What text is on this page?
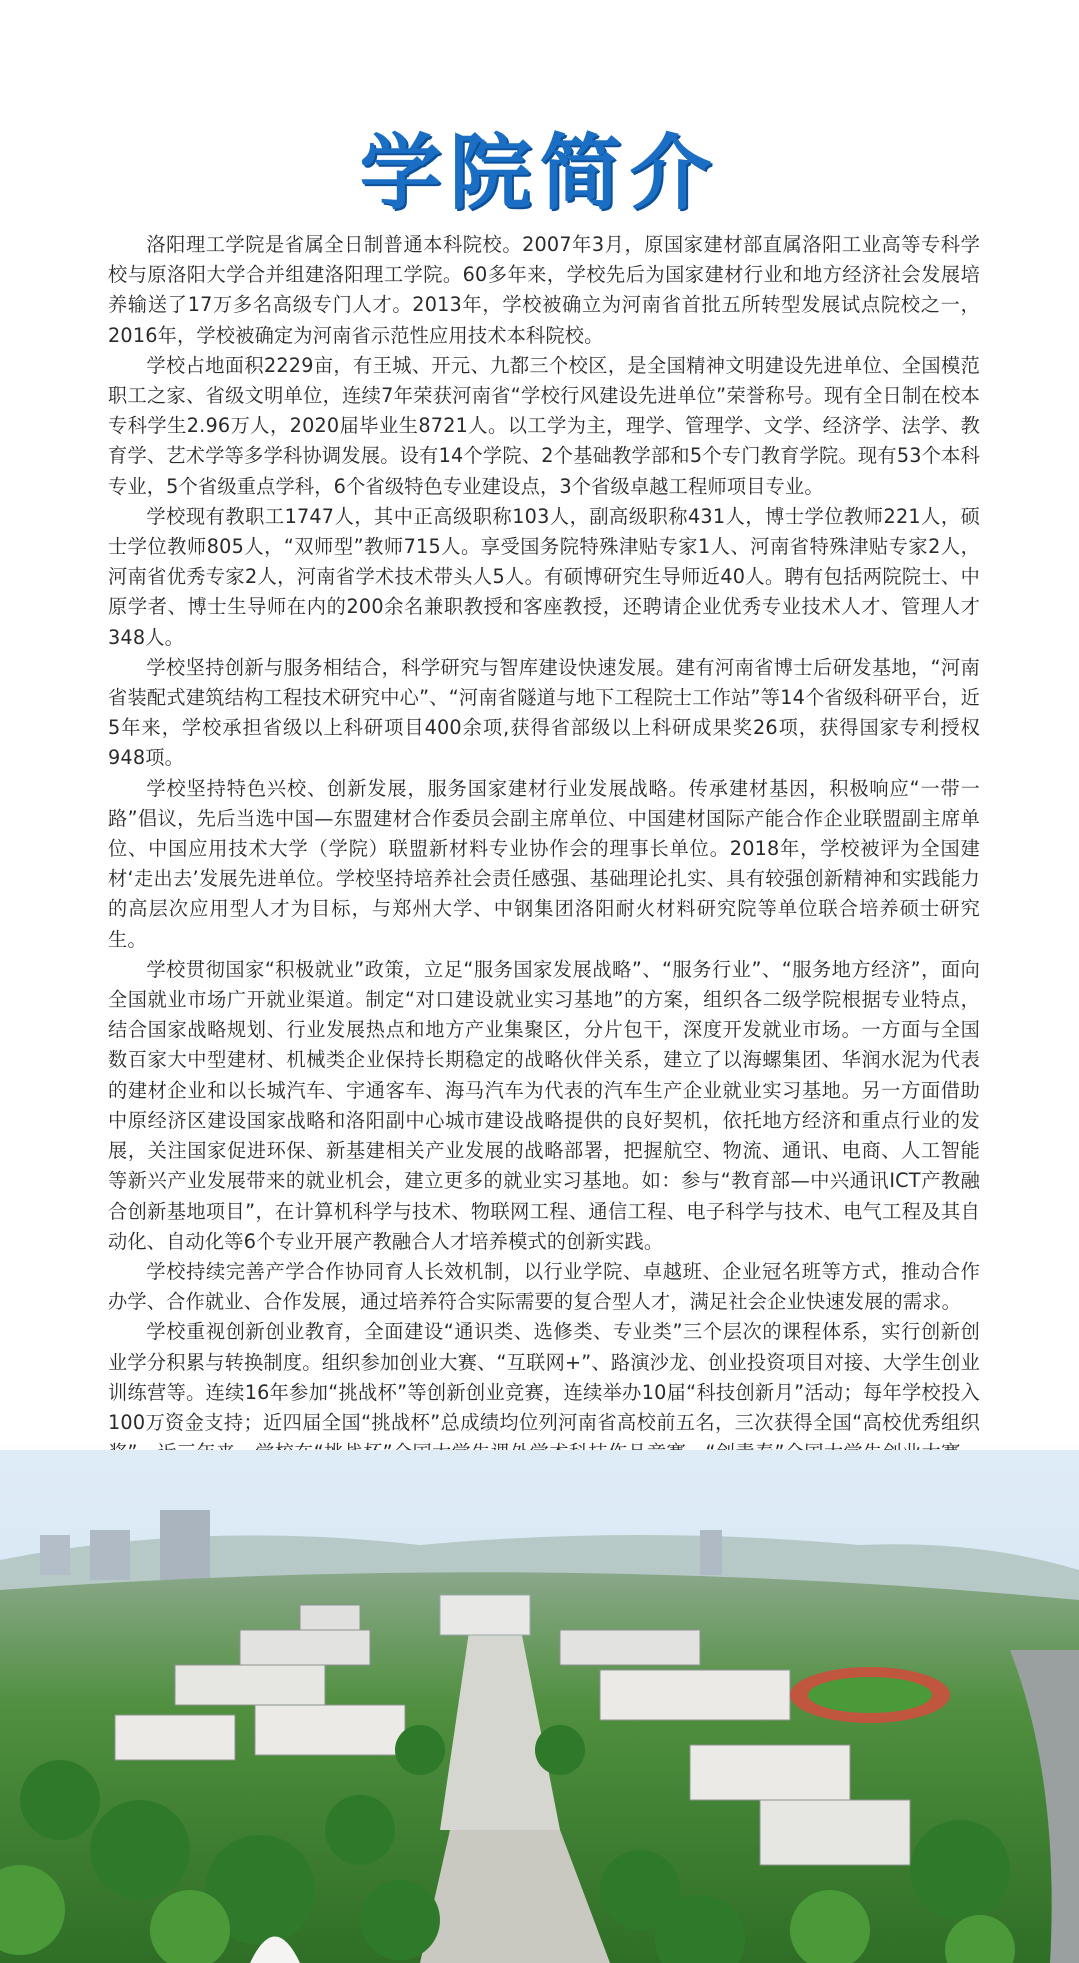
学院简介

洛阳理工学院是省属全日制普通本科院校。2007年3月，原国家建材部直属洛阳工业高等专科学校与原洛阳大学合并组建洛阳理工学院。60多年来，学校先后为国家建材行业和地方经济社会发展培养输送了17万多名高级专门人才。2013年，学校被确立为河南省首批五所转型发展试点院校之一，2016年，学校被确定为河南省示范性应用技术本科院校。

学校占地面积2229亩，有王城、开元、九都三个校区，是全国精神文明建设先进单位、全国模范职工之家、省级文明单位，连续7年荣获河南省“学校行风建设先进单位”荣誉称号。现有全日制在校本专科学生2.96万人，2020届毕业生8721人。以工学为主，理学、管理学、文学、经济学、法学、教育学、艺术学等多学科协调发展。设有14个学院、2个基础教学部和5个专门教育学院。现有53个本科专业，5个省级重点学科，6个省级特色专业建设点，3个省级卓越工程师项目专业。

学校现有教职工1747人，其中正高级职称103人，副高级职称431人，博士学位教师221人，硕士学位教师805人，“双师型”教师715人。享受国务院特殊津贴专家1人、河南省特殊津贴专家2人，河南省优秀专家2人，河南省学术技术带头人5人。有硕博研究生导师近40人。聘有包括两院院士、中原学者、博士生导师在内的200余名兼职教授和客座教授，还聘请企业优秀专业技术人才、管理人才348人。

学校坚持创新与服务相结合，科学研究与智库建设快速发展。建有河南省博士后研发基地，“河南省装配式建筑结构工程技术研究中心”、“河南省隧道与地下工程院士工作站”等14个省级科研平台，近5年来，学校承担省级以上科研项目400余项,获得省部级以上科研成果奖26项，获得国家专利授权948项。

学校坚持特色兴校、创新发展，服务国家建材行业发展战略。传承建材基因，积极响应“一带一路”倡议，先后当选中国—东盟建材合作委员会副主席单位、中国建材国际产能合作企业联盟副主席单位、中国应用技术大学（学院）联盟新材料专业协作会的理事长单位。2018年，学校被评为全国建材‘走出去’发展先进单位。学校坚持培养社会责任感强、基础理论扎实、具有较强创新精神和实践能力的高层次应用型人才为目标，与郑州大学、中钢集团洛阳耐火材料研究院等单位联合培养硕士研究生。

学校贯彻国家“积极就业”政策，立足“服务国家发展战略”、“服务行业”、“服务地方经济”，面向全国就业市场广开就业渠道。制定“对口建设就业实习基地”的方案，组织各二级学院根据专业特点，结合国家战略规划、行业发展热点和地方产业集聚区，分片包干，深度开发就业市场。一方面与全国数百家大中型建材、机械类企业保持长期稳定的战略伙伴关系，建立了以海螺集团、华润水泥为代表的建材企业和以长城汽车、宇通客车、海马汽车为代表的汽车生产企业就业实习基地。另一方面借助中原经济区建设国家战略和洛阳副中心城市建设战略提供的良好契机，依托地方经济和重点行业的发展，关注国家促进环保、新基建相关产业发展的战略部署，把握航空、物流、通讯、电商、人工智能等新兴产业发展带来的就业机会，建立更多的就业实习基地。如：参与“教育部—中兴通讯ICT产教融合创新基地项目”，在计算机科学与技术、物联网工程、通信工程、电子科学与技术、电气工程及其自动化、自动化等6个专业开展产教融合人才培养模式的创新实践。

学校持续完善产学合作协同育人长效机制，以行业学院、卓越班、企业冠名班等方式，推动合作办学、合作就业、合作发展，通过培养符合实际需要的复合型人才，满足社会企业快速发展的需求。

学校重视创新创业教育，全面建设“通识类、选修类、专业类”三个层次的课程体系，实行创新创业学分积累与转换制度。组织参加创业大赛、“互联网+”、路演沙龙、创业投资项目对接、大学生创业训练营等。连续16年参加“挑战杯”等创新创业竞赛，连续举办10届“科技创新月”活动；每年学校投入100万资金支持；近四届全国“挑战杯”总成绩均位列河南省高校前五名，三次获得全国“高校优秀组织
